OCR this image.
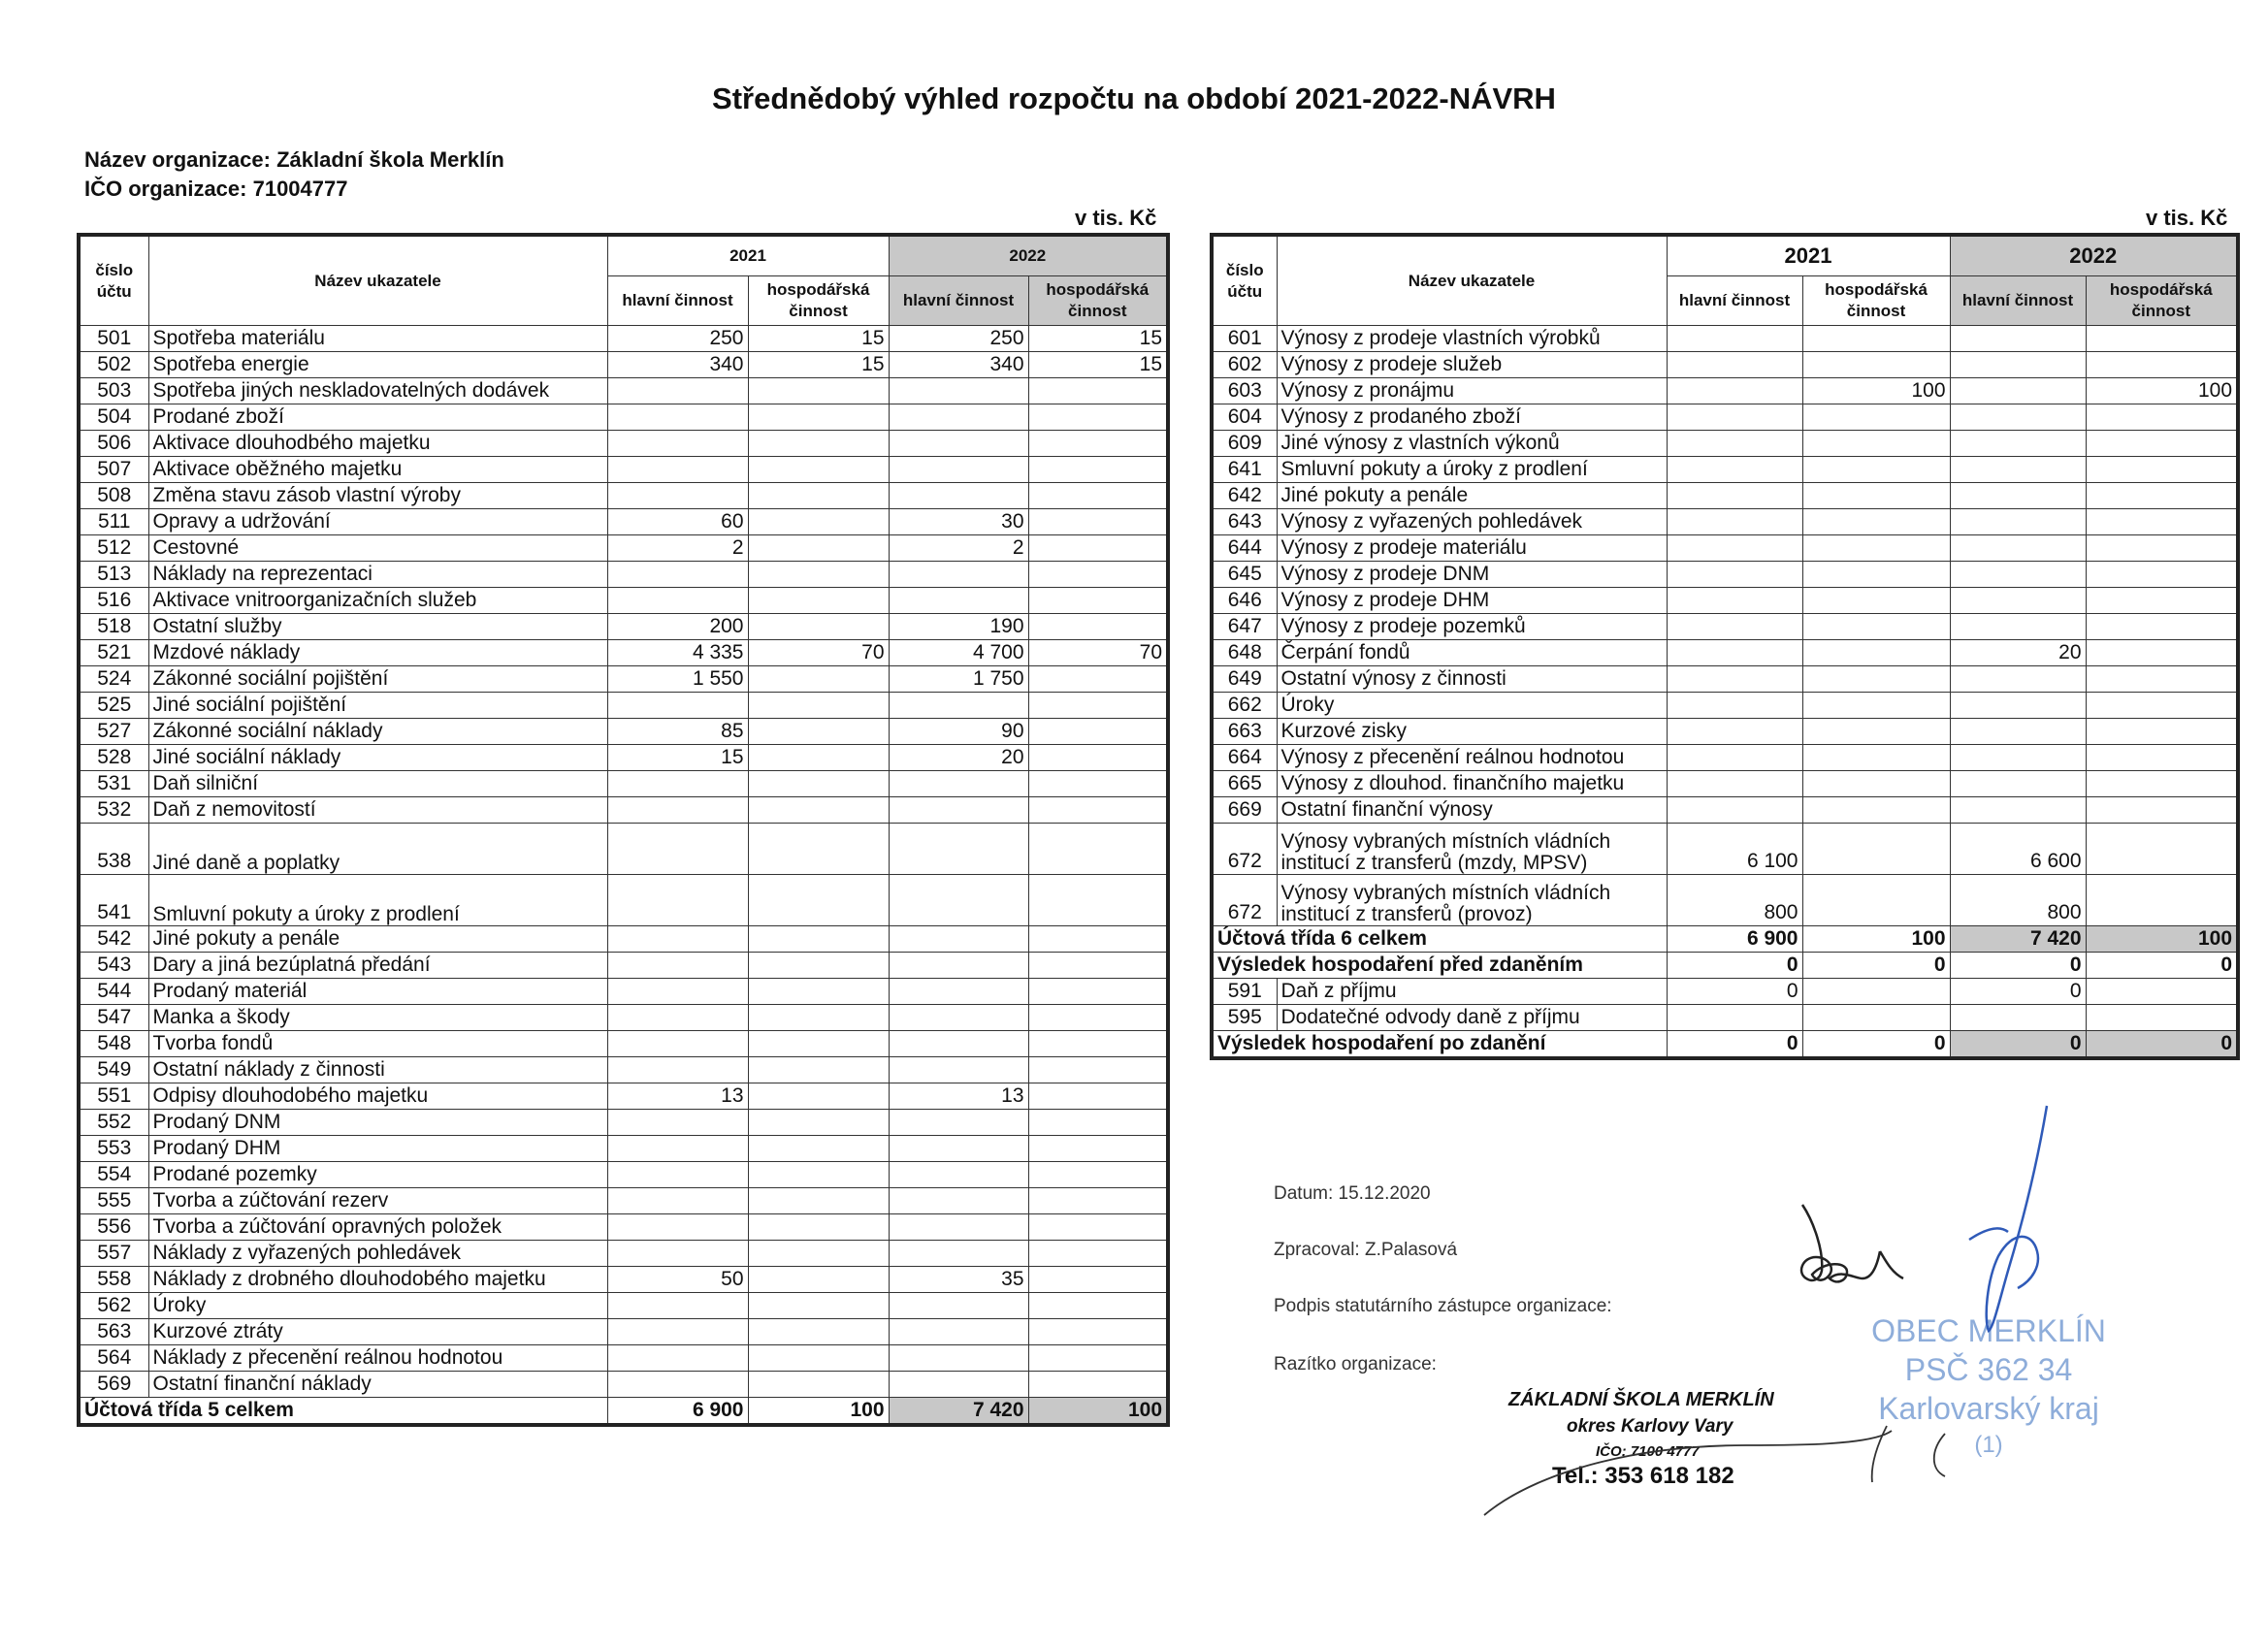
Střednědobý výhled rozpočtu na období 2021-2022-NÁVRH
Název organizace: Základní škola Merklín
IČO organizace: 71004777
v tis. Kč	v tis. Kč
číslo účtu	Název ukazatele	2021		2022	
		hlavní činnost	hospodářská činnost	hlavní činnost	hospodářská činnost
501	Spotřeba materiálu	250	15	250	15
502	Spotřeba energie	340	15	340	15
503	Spotřeba jiných neskladovatelných dodávek				
504	Prodané zboží				
506	Aktivace dlouhodbého majetku				
507	Aktivace oběžného majetku				
508	Změna stavu zásob vlastní výroby				
511	Opravy a udržování	60		30	
512	Cestovné	2		2	
513	Náklady na reprezentaci				
516	Aktivace vnitroorganizačních služeb				
518	Ostatní služby	200		190	
521	Mzdové náklady	4 335	70	4 700	70
524	Zákonné sociální pojištění	1 550		1 750	
525	Jiné sociální pojištění				
527	Zákonné sociální náklady	85		90	
528	Jiné sociální náklady	15		20	
531	Daň silniční				
532	Daň z nemovitostí				
538	Jiné daně a poplatky				
541	Smluvní pokuty a úroky z prodlení				
542	Jiné pokuty a penále				
543	Dary a jiná bezúplatná předání				
544	Prodaný materiál				
547	Manka a škody				
548	Tvorba fondů				
549	Ostatní náklady z činnosti				
551	Odpisy dlouhodobého majetku	13		13	
552	Prodaný DNM				
553	Prodaný DHM				
554	Prodané pozemky				
555	Tvorba a zúčtování rezerv				
556	Tvorba a zúčtování opravných položek				
557	Náklady z vyřazených pohledávek				
558	Náklady z drobného dlouhodobého majetku	50		35	
562	Úroky				
563	Kurzové ztráty				
564	Náklady z přecenění reálnou hodnotou				
569	Ostatní finanční náklady				
Účtová třída 5 celkem		6 900	100	7 420	100
číslo účtu	Název ukazatele	2021		2022	
		hlavní činnost	hospodářská činnost	hlavní činnost	hospodářská činnost
601	Výnosy z prodeje vlastních výrobků				
602	Výnosy z prodeje služeb				
603	Výnosy z pronájmu		100		100
604	Výnosy z prodaného zboží				
609	Jiné výnosy z vlastních výkonů				
641	Smluvní pokuty a úroky z prodlení				
642	Jiné pokuty a penále				
643	Výnosy z vyřazených pohledávek				
644	Výnosy z prodeje materiálu				
645	Výnosy z prodeje DNM				
646	Výnosy z prodeje DHM				
647	Výnosy z prodeje pozemků				
648	Čerpání fondů			20	
649	Ostatní výnosy z činnosti				
662	Úroky				
663	Kurzové zisky				
664	Výnosy z přecenění reálnou hodnotou				
665	Výnosy z dlouhod. finančního majetku				
669	Ostatní finanční výnosy				
672	Výnosy vybraných místních vládních institucí z transferů (mzdy, MPSV)	6 100		6 600	
672	Výnosy vybraných místních vládních institucí z transferů (provoz)	800		800	
Účtová třída 6 celkem		6 900	100	7 420	100
Výsledek hospodaření před zdaněním		0	0	0	0
591	Daň z příjmu	0		0	
595	Dodatečné odvody daně z příjmu				
Výsledek hospodaření po zdanění		0	0	0	0
Datum: 15.12.2020
Zpracoval: Z.Palasová
Podpis statutárního zástupce organizace:
Razítko organizace:
ZÁKLADNÍ ŠKOLA MERKLÍN
okres Karlovy Vary
IČO: 7100 4777
Tel.: 353 618 182
OBEC MERKLÍN
PSČ 362 34
Karlovarský kraj
(1)
